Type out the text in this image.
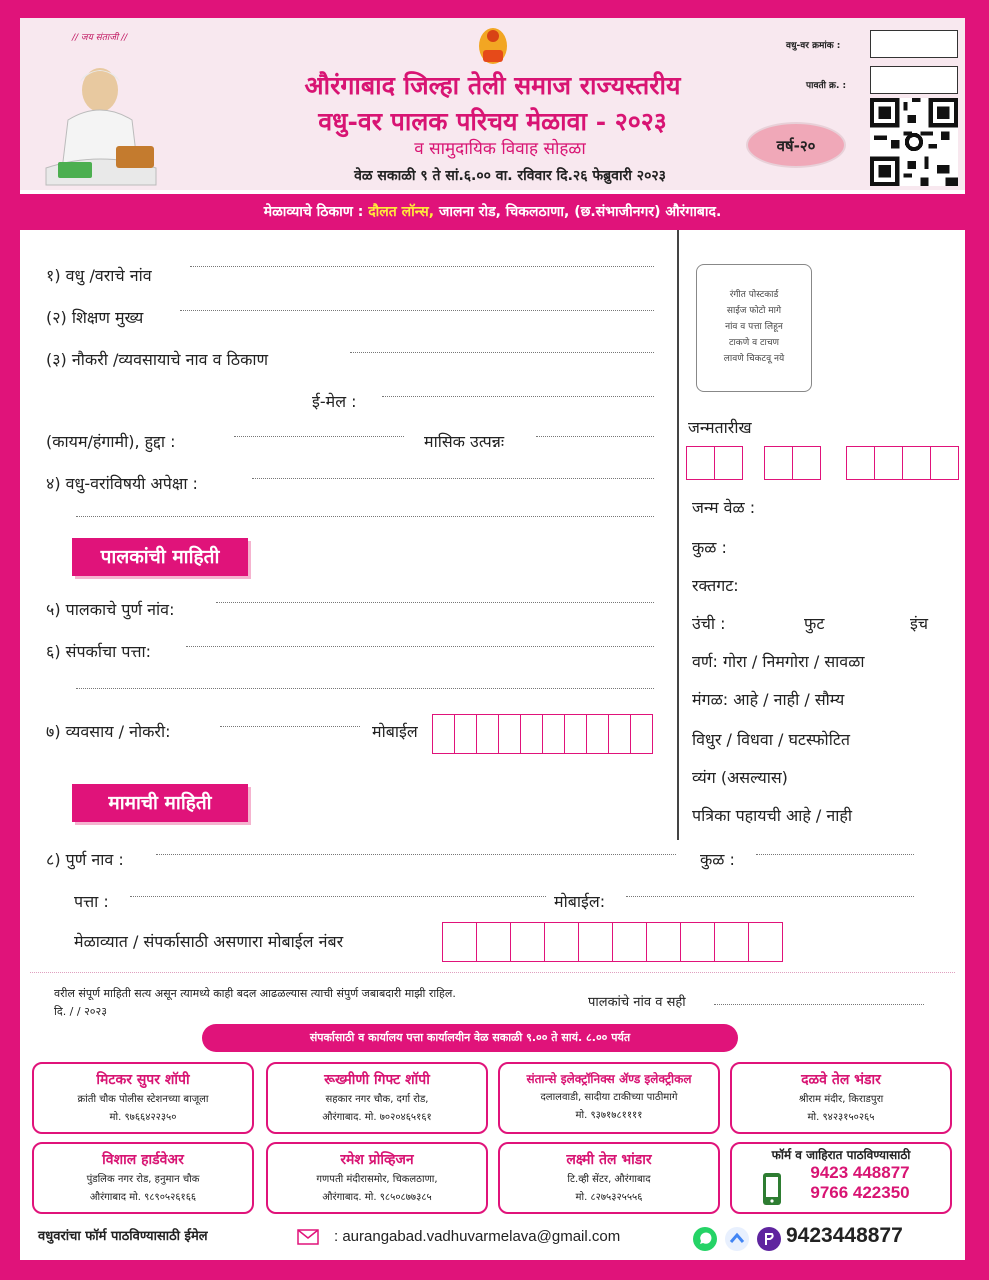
// जय संताजी //
औरंगाबाद जिल्हा तेली समाज राज्यस्तरीय
वधु-वर पालक परिचय मेळावा - २०२३
व सामुदायिक विवाह सोहळा
वेळ सकाळी ९ ते सां.६.०० वा. रविवार दि.२६ फेब्रुवारी २०२३
वर्ष-२०
वधु-वर क्रमांक :
पावती क्र. :
मेळाव्याचे ठिकाण : दौलत लॉन्स, जालना रोड, चिकलठाणा, (छ.संभाजीनगर) औरंगाबाद.
१) वधु /वराचे नांव
(२) शिक्षण मुख्य
(३) नौकरी /व्यवसायाचे नाव व ठिकाण
ई-मेल :
(कायम/हंगामी), हुद्दा :	मासिक उत्पन्नः
४) वधु-वरांविषयी अपेक्षा :
पालकांची माहिती
५) पालकाचे पुर्ण नांव:
६) संपर्काचा पत्ता:
७) व्यवसाय / नोकरी:	मोबाईल
मामाची माहिती
८) पुर्ण नाव :	कुळ :
पत्ता :	मोबाईल:
मेळाव्यात / संपर्कासाठी असणारा मोबाईल नंबर
रंगीत पोस्टकार्ड
साईज फोटो मागे
नांव व पत्ता लिहून
टाकणे व टाचण
लावणे चिकटवू नये
जन्मतारीख
जन्म वेळ :
कुळ :
रक्तगट:
उंची :	फुट	इंच
वर्ण: गोरा / निमगोरा / सावळा
मंगळ: आहे / नाही / सौम्य
विधुर / विधवा / घटस्फोटित
व्यंग (असल्यास)
पत्रिका पहायची आहे / नाही
वरील संपूर्ण माहिती सत्य असून त्यामध्ये काही बदल आढळल्यास त्याची संपुर्ण जबाबदारी माझी राहिल.
दि. / / २०२३
पालकांचे नांव व सही
संपर्कासाठी व कार्यालय पत्ता कार्यालयीन वेळ सकाळी ९.०० ते सायं. ८.०० पर्यत
मिटकर सुपर शॉपी
क्रांती चौक पोलीस स्टेशनच्या बाजूला
मो. ९७६६४२२३५०
रूख्मीणी गिफ्ट शॉपी
सहकार नगर चौक, दर्गा रोड,
औरंगाबाद. मो. ७०२०४६५१६१
संतान्से इलेक्ट्रॉनिक्स ॲण्ड इलेक्ट्रीकल
दलालवाडी, सादीया टाकीच्या पाठीमागे
मो. ९३७१७८११११
दळवे तेल भंडार
श्रीराम मंदीर, किराडपुरा
मो. ९४२३१५०२६५
विशाल हार्डवेअर
पुंडलिक नगर रोड, हनुमान चौक
औरंगाबाद मो. ९८९०५२६१६६
रमेश प्रोव्हिजन
गणपती मंदीरासमोर, चिकलठाणा,
औरंगाबाद. मो. ९८५०८७७३८५
लक्ष्मी तेल भांडार
टि.व्ही सेंटर, औरंगाबाद
मो. ८२७५३२५५५६
फॉर्म व जाहिरात पाठविण्यासाठी
9423 448877
9766 422350
वधुवरांचा फॉर्म पाठविण्यासाठी ईमेल	: aurangabad.vadhuvarmelava@gmail.com	9423448877
